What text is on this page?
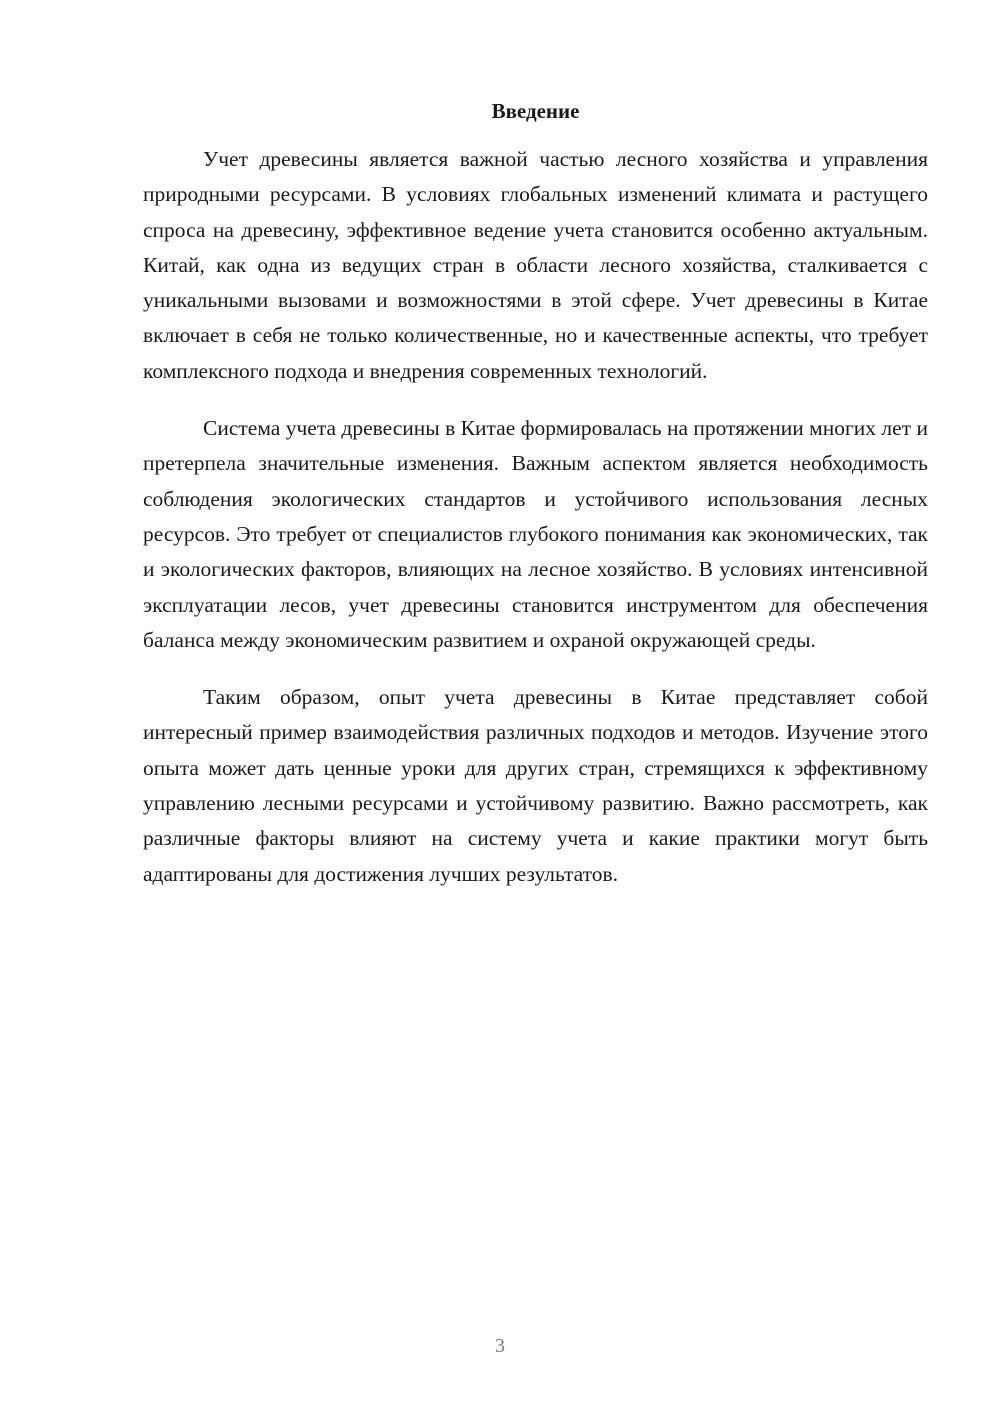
Введение

Учет древесины является важной частью лесного хозяйства и управления природными ресурсами. В условиях глобальных изменений климата и растущего спроса на древесину, эффективное ведение учета становится особенно актуальным. Китай, как одна из ведущих стран в области лесного хозяйства, сталкивается с уникальными вызовами и возможностями в этой сфере. Учет древесины в Китае включает в себя не только количественные, но и качественные аспекты, что требует комплексного подхода и внедрения современных технологий.

Система учета древесины в Китае формировалась на протяжении многих лет и претерпела значительные изменения. Важным аспектом является необходимость соблюдения экологических стандартов и устойчивого использования лесных ресурсов. Это требует от специалистов глубокого понимания как экономических, так и экологических факторов, влияющих на лесное хозяйство. В условиях интенсивной эксплуатации лесов, учет древесины становится инструментом для обеспечения баланса между экономическим развитием и охраной окружающей среды.

Таким образом, опыт учета древесины в Китае представляет собой интересный пример взаимодействия различных подходов и методов. Изучение этого опыта может дать ценные уроки для других стран, стремящихся к эффективному управлению лесными ресурсами и устойчивому развитию. Важно рассмотреть, как различные факторы влияют на систему учета и какие практики могут быть адаптированы для достижения лучших результатов.

3
